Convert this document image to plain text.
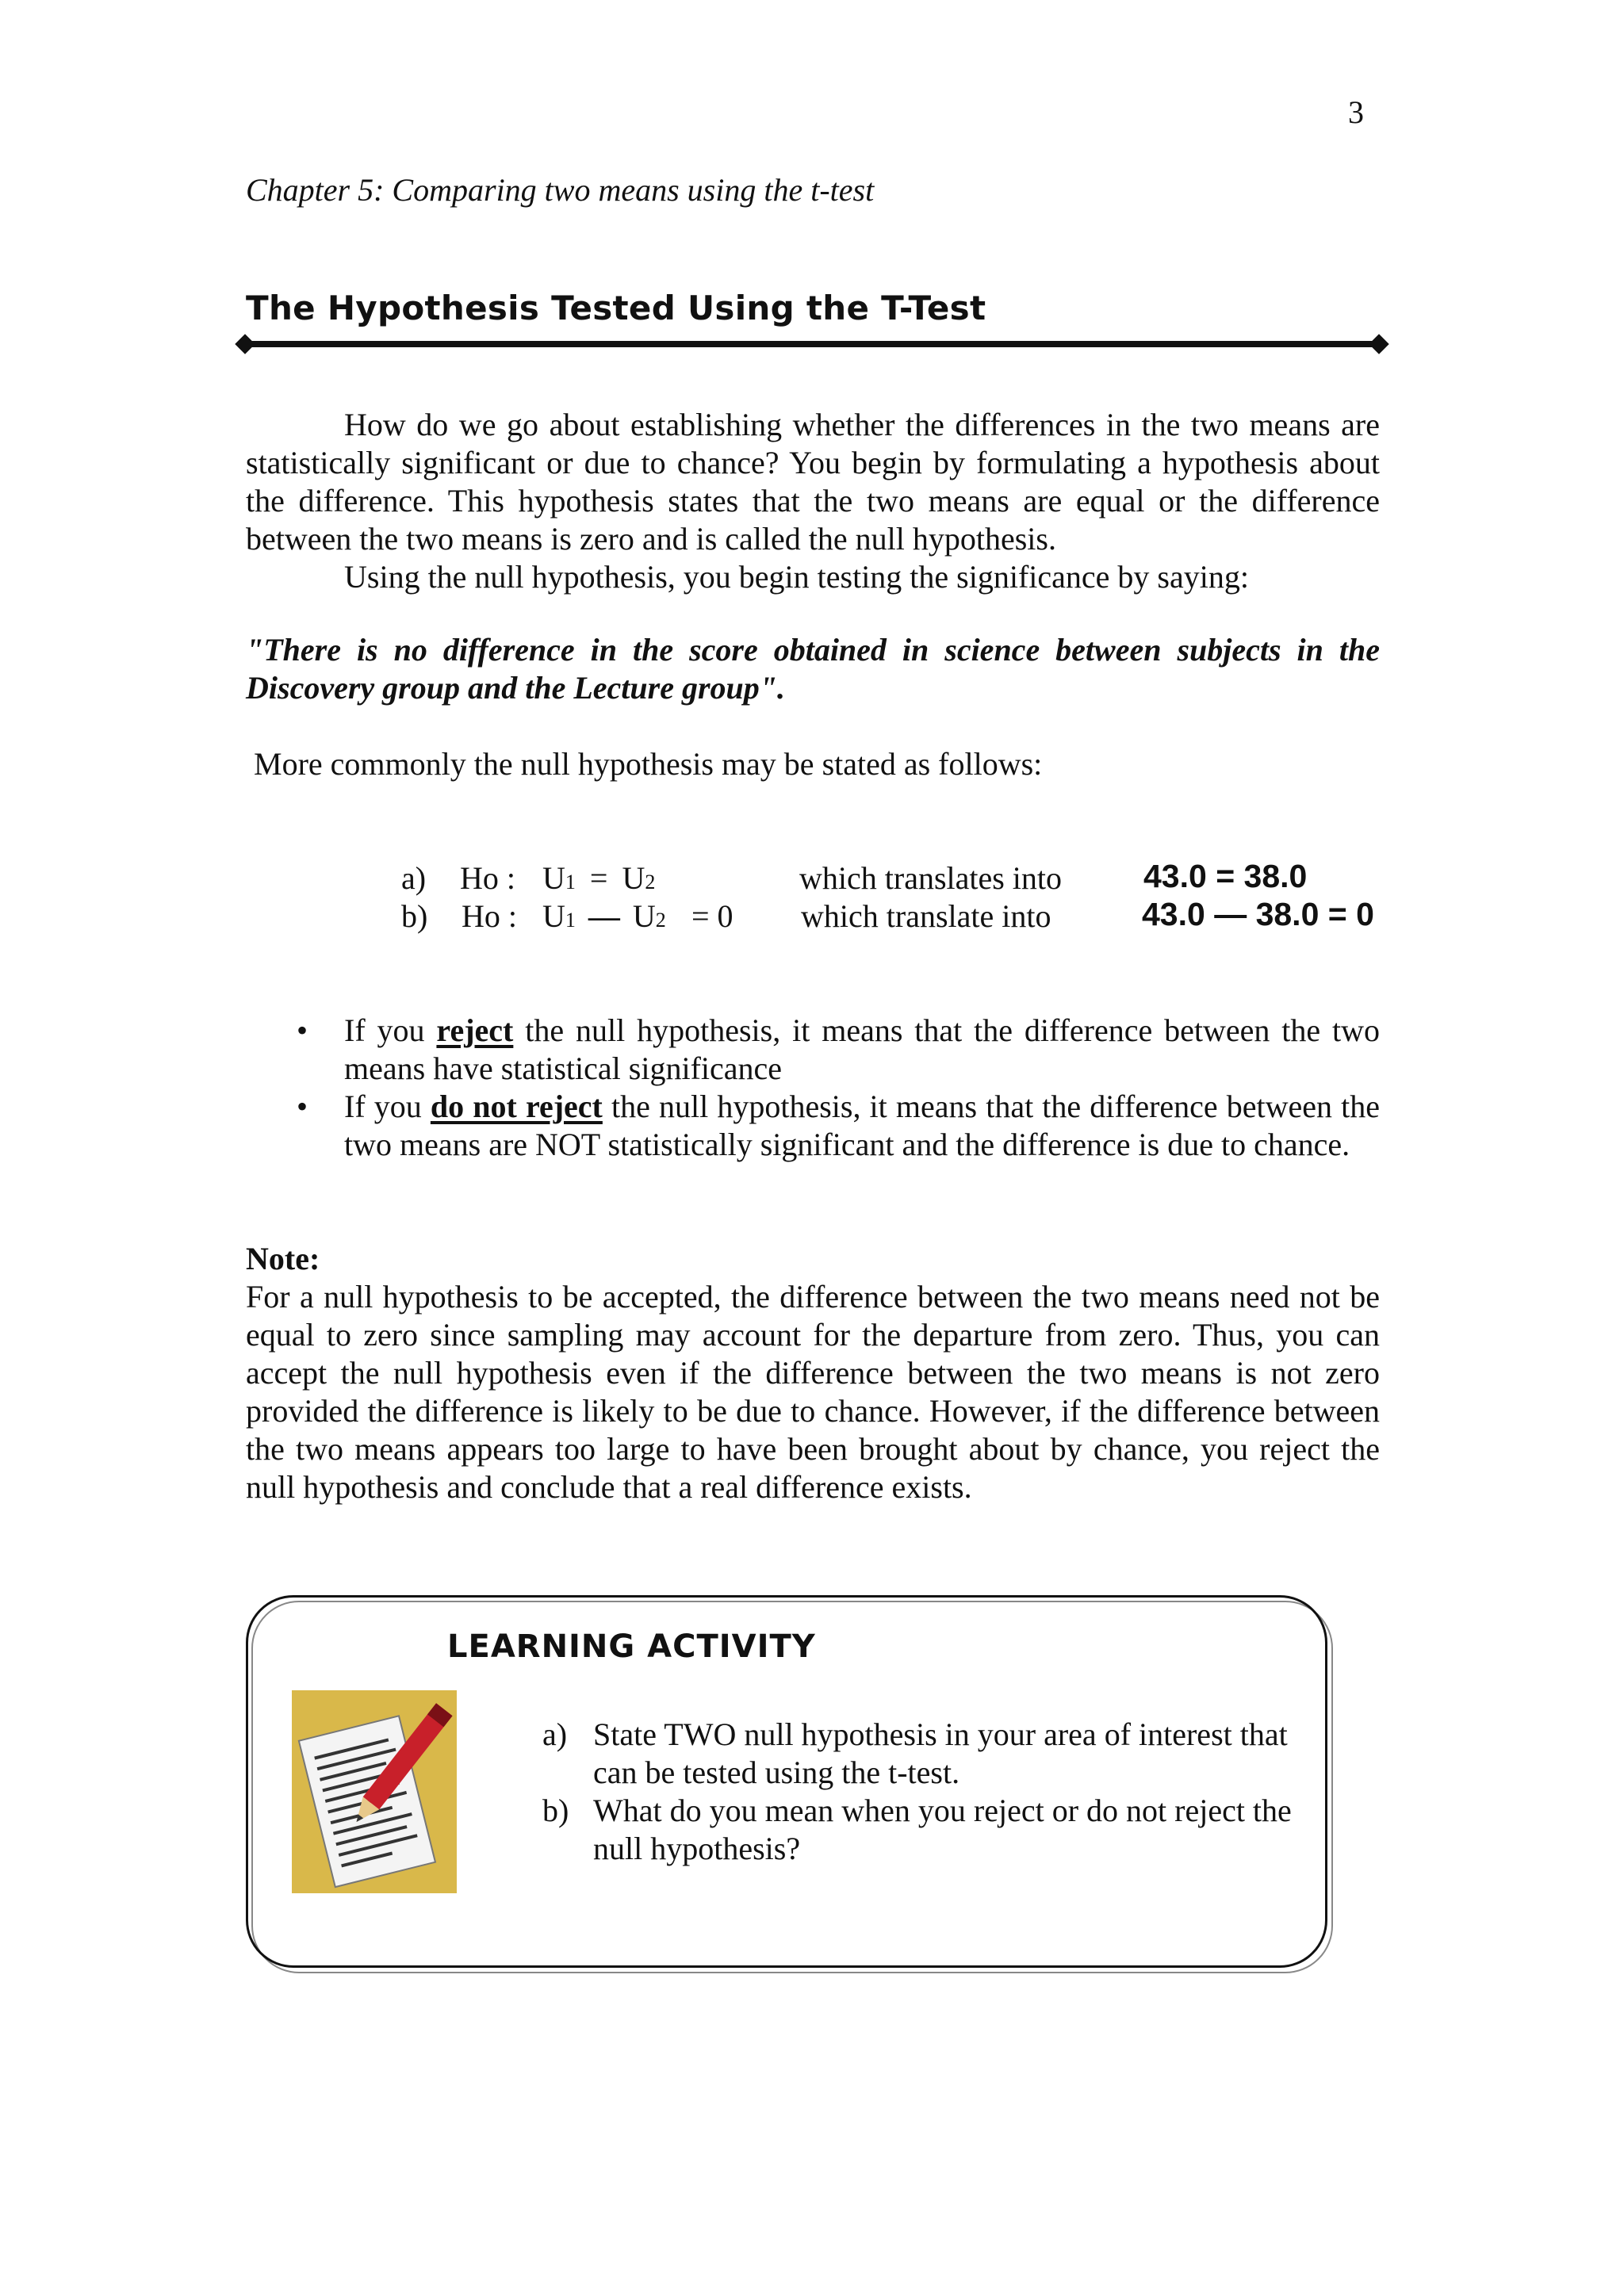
3
Chapter 5: Comparing two means using the t-test
The Hypothesis Tested Using the T-Test
How do we go about establishing whether the differences in the two means are statistically significant or due to chance? You begin by formulating a hypothesis about the difference. This hypothesis states that the two means are equal or the difference between the two means is zero and is called the null hypothesis.
Using the null hypothesis, you begin testing the significance by saying:
"There is no difference in the score obtained in science between subjects in the Discovery group and the Lecture group".
More commonly the null hypothesis may be stated as follows:
a) Ho : U1 = U2	which translates into	43.0 = 38.0
b) Ho : U1 — U2 = 0 which translate into	43.0 — 38.0 = 0
• If you reject the null hypothesis, it means that the difference between the two means have statistical significance
• If you do not reject the null hypothesis, it means that the difference between the two means are NOT statistically significant and the difference is due to chance.
Note:
For a null hypothesis to be accepted, the difference between the two means need not be equal to zero since sampling may account for the departure from zero. Thus, you can accept the null hypothesis even if the difference between the two means is not zero provided the difference is likely to be due to chance. However, if the difference between the two means appears too large to have been brought about by chance, you reject the null hypothesis and conclude that a real difference exists.
LEARNING ACTIVITY
a) State TWO null hypothesis in your area of interest that can be tested using the t-test.
b) What do you mean when you reject or do not reject the null hypothesis?
